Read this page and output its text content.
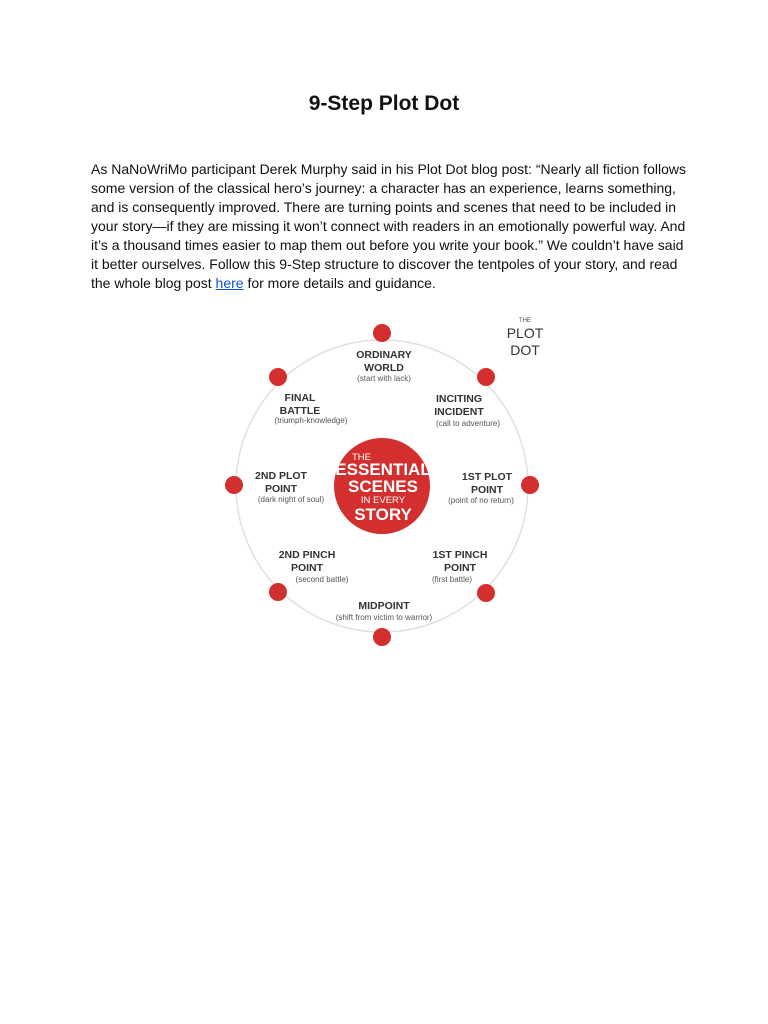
9-Step Plot Dot

As NaNoWriMo participant Derek Murphy said in his Plot Dot blog post: “Nearly all fiction follows some version of the classical hero’s journey: a character has an experience, learns something, and is consequently improved. There are turning points and scenes that need to be included in your story—if they are missing it won’t connect with readers in an emotionally powerful way. And it’s a thousand times easier to map them out before you write your book.” We couldn’t have said it better ourselves. Follow this 9-Step structure to discover the tentpoles of your story, and read the whole blog post here for more details and guidance.

THE
ESSENTIAL
SCENES
IN EVERY
STORY
THE
PLOT
DOT
ORDINARY
WORLD
(start with lack)
INCITING
INCIDENT
(call to adventure)
1ST PLOT
POINT
(point of no return)
1ST PINCH
POINT
(first battle)
MIDPOINT
(shift from victim to warrior)
2ND PINCH
POINT
(second battle)
2ND PLOT
POINT
(dark night of soul)
FINAL
BATTLE
(triumph-knowledge)
